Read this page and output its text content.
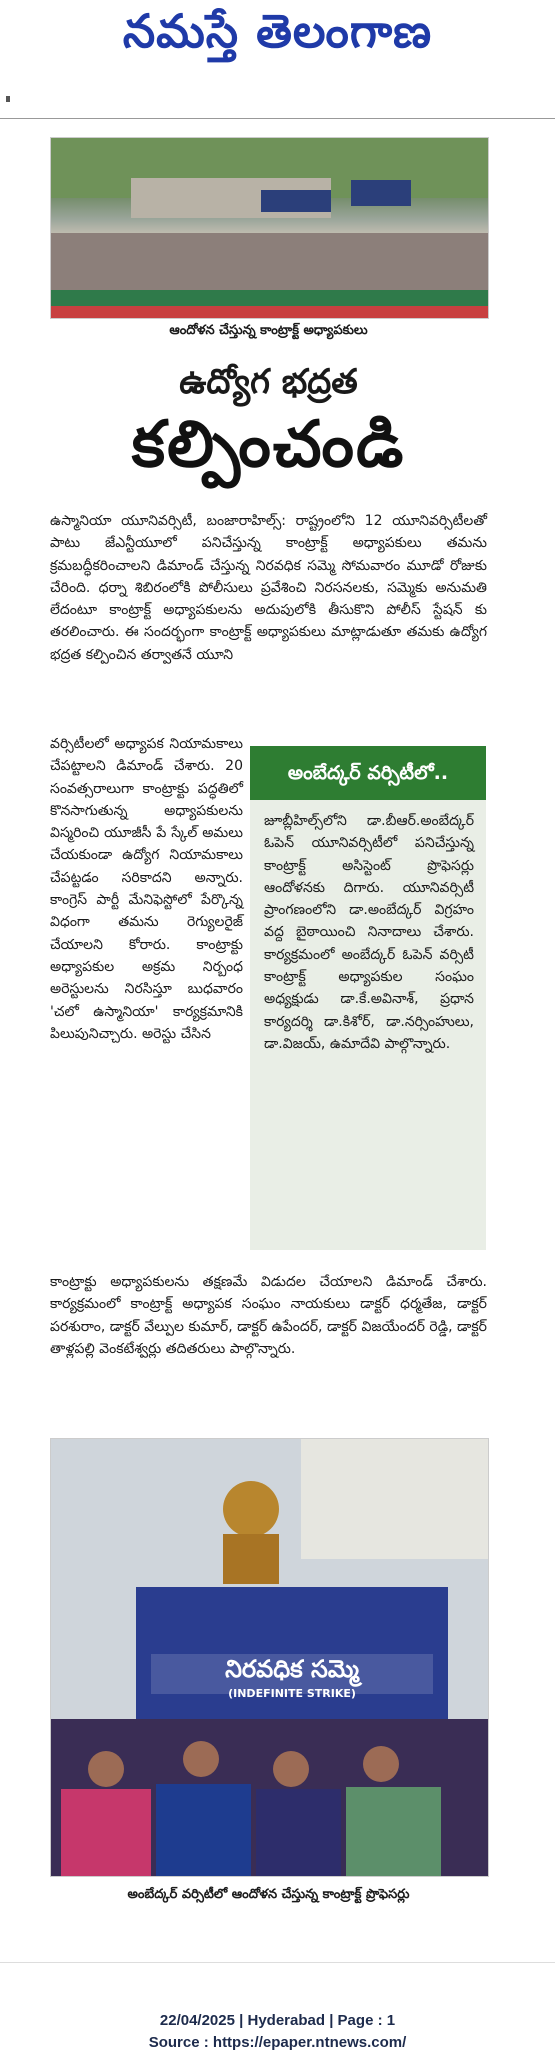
నమస్తే తెలంగాణ
ఆందోళన చేస్తున్న కాంట్రాక్ట్ అధ్యాపకులు
ఉద్యోగ భద్రత
కల్పించండి
ఉస్మానియా యూనివర్సిటీ, బంజారాహిల్స్: రాష్ట్రంలోని 12 యూనివర్సిటీలతో పాటు జేఎన్టీయూలో పనిచేస్తున్న కాంట్రాక్ట్ అధ్యాపకులు తమను క్రమబద్ధీకరించాలని డిమాండ్ చేస్తున్న నిరవధిక సమ్మె సోమవారం మూడో రోజుకు చేరింది. ధర్నా శిబిరంలోకి పోలీసులు ప్రవేశించి నిరసనలకు, సమ్మెకు అనుమతి లేదంటూ కాంట్రాక్ట్ అధ్యాపకులను అదుపులోకి తీసుకొని పోలీస్ స్టేషన్ కు తరలించారు. ఈ సందర్భంగా కాంట్రాక్ట్ అధ్యాపకులు మాట్లాడుతూ తమకు ఉద్యోగ భద్రత కల్పించిన తర్వాతనే యూని
వర్సిటీలలో అధ్యాపక నియామకాలు చేపట్టాలని డిమాండ్ చేశారు. 20 సంవత్సరాలుగా కాంట్రాక్టు పద్ధతిలో కొనసాగుతున్న అధ్యాపకులను విస్మరించి యూజీసీ పే స్కేల్ అమలు చేయకుండా ఉద్యోగ నియామకాలు చేపట్టడం సరికాదని అన్నారు. కాంగ్రెస్ పార్టీ మేనిఫెస్టోలో పేర్కొన్న విధంగా తమను రెగ్యులరైజ్ చేయాలని కోరారు. కాంట్రాక్టు అధ్యాపకుల అక్రమ నిర్బంధ అరెస్టులను నిరసిస్తూ బుధవారం 'చలో ఉస్మానియా' కార్యక్రమానికి పిలుపునిచ్చారు. అరెస్టు చేసిన
అంబేద్కర్ వర్సిటీలో..
జూబ్లీహిల్స్‌లోని డా.బీఆర్.అంబేద్కర్ ఓపెన్ యూనివర్సిటీలో పనిచేస్తున్న కాంట్రాక్ట్ అసిస్టెంట్ ప్రొఫెసర్లు ఆందోళనకు దిగారు. యూనివర్సిటీ ప్రాంగణంలోని డా.అంబేద్కర్ విగ్రహం వద్ద బైఠాయించి నినాదాలు చేశారు. కార్యక్రమంలో అంబేద్కర్ ఓపెన్ వర్సిటీ కాంట్రాక్ట్ అధ్యాపకుల సంఘం అధ్యక్షుడు డా.కే.అవినాశ్, ప్రధాన కార్యదర్శి డా.కిశోర్, డా.నర్సింహులు, డా.విజయ్, ఉమాదేవి పాల్గొన్నారు.
కాంట్రాక్టు అధ్యాపకులను తక్షణమే విడుదల చేయాలని డిమాండ్ చేశారు. కార్యక్రమంలో కాంట్రాక్ట్ అధ్యాపక సంఘం నాయకులు డాక్టర్ ధర్మతేజ, డాక్టర్ పరశురాం, డాక్టర్ వేల్పుల కుమార్, డాక్టర్ ఉపేందర్, డాక్టర్ విజయేందర్ రెడ్డి, డాక్టర్ తాళ్లపల్లి వెంకటేశ్వర్లు తదితరులు పాల్గొన్నారు.
నిరవధిక సమ్మె
(INDEFINITE STRIKE)
అంబేద్కర్ వర్సిటీలో ఆందోళన చేస్తున్న కాంట్రాక్ట్ ప్రొఫెసర్లు
22/04/2025 | Hyderabad | Page : 1
Source : https://epaper.ntnews.com/
